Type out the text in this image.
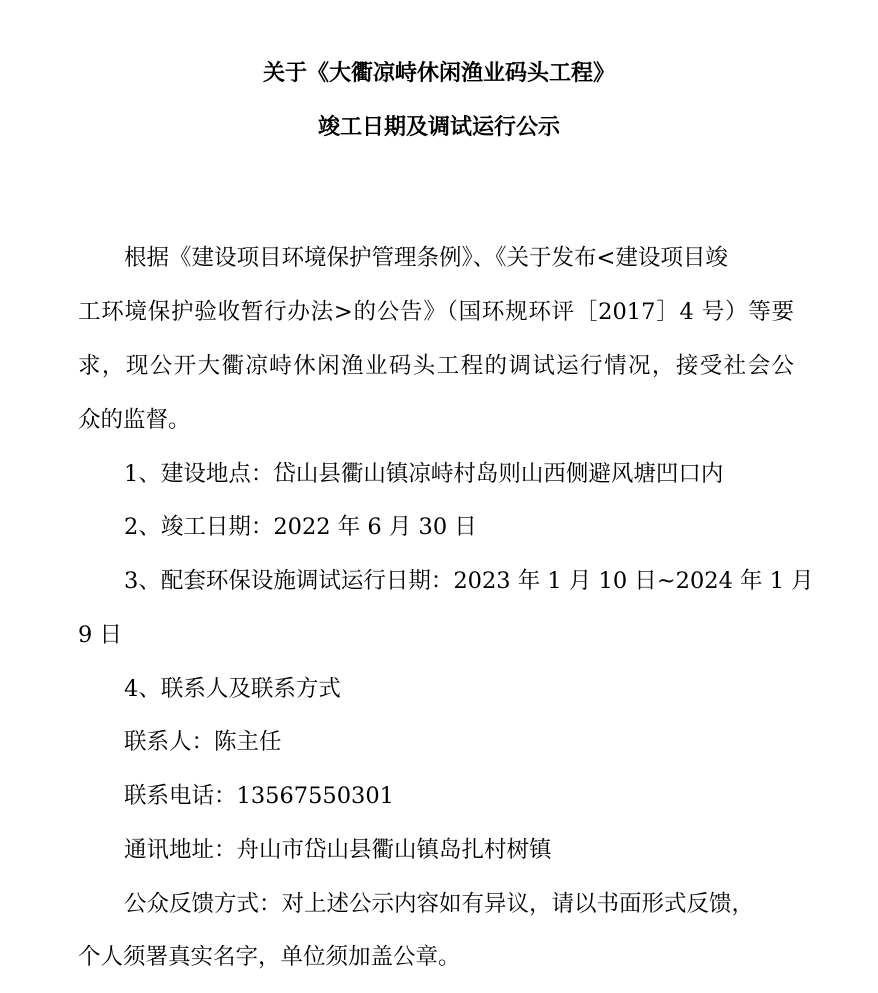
关于《大衢凉峙休闲渔业码头工程》
竣工日期及调试运行公示
根据《建设项目环境保护管理条例》、《关于发布<建设项目竣
工环境保护验收暂行办法>的公告》（国环规环评［2017］4 号）等要
求，现公开大衢凉峙休闲渔业码头工程的调试运行情况，接受社会公
众的监督。
1、建设地点：岱山县衢山镇凉峙村岛则山西侧避风塘凹口内
2、竣工日期：2022 年 6 月 30 日
3、配套环保设施调试运行日期：2023 年 1 月 10 日~2024 年 1 月
9 日
4、联系人及联系方式
联系人：陈主任
联系电话：13567550301
通讯地址：舟山市岱山县衢山镇岛扎村树镇
公众反馈方式：对上述公示内容如有异议，请以书面形式反馈，
个人须署真实名字，单位须加盖公章。
